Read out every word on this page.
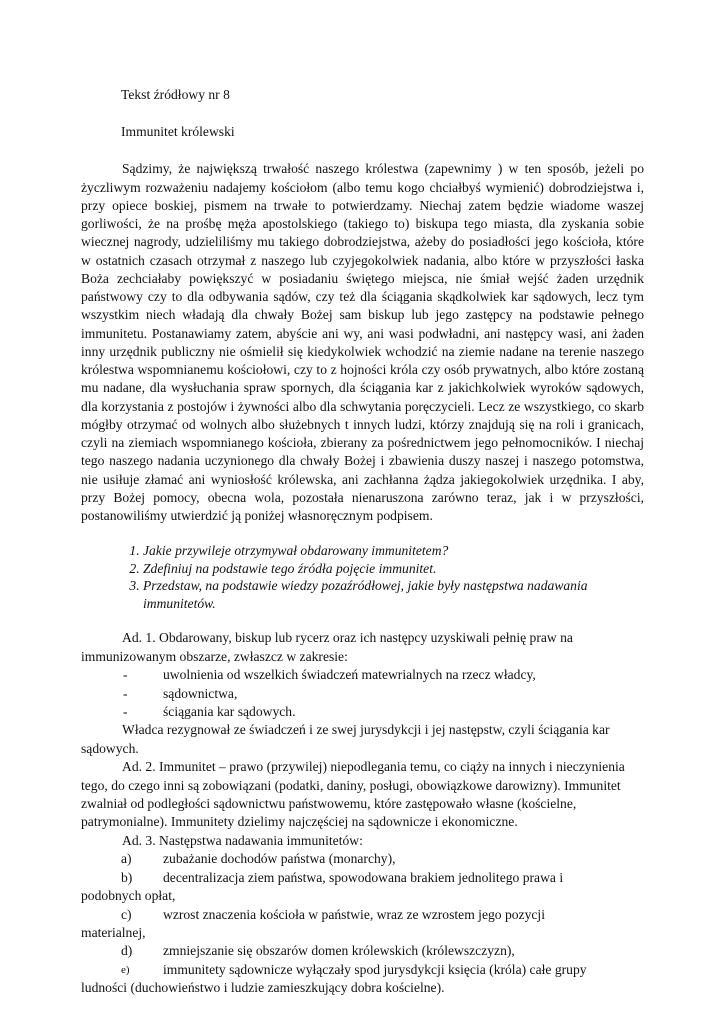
Tekst źródłowy nr 8
Immunitet królewski

Sądzimy, że największą trwałość naszego królestwa (zapewnimy ) w ten sposób, jeżeli po życzliwym rozważeniu nadajemy kościołom (albo temu kogo chciałbyś wymienić) dobrodziejstwa i, przy opiece boskiej, pismem na trwałe to potwierdzamy. Niechaj zatem będzie wiadome waszej gorliwości, że na prośbę męża apostolskiego (takiego to) biskupa tego miasta, dla zyskania sobie wiecznej nagrody, udzieliliśmy mu takiego dobrodziejstwa, ażeby do posiadłości jego kościoła, które w ostatnich czasach otrzymał z naszego lub czyjegokolwiek nadania, albo które w przyszłości łaska Boża zechciałaby powiększyć w posiadaniu świętego miejsca, nie śmiał wejść żaden urzędnik państwowy czy to dla odbywania sądów, czy też dla ściągania skądkolwiek kar sądowych, lecz tym wszystkim niech władają dla chwały Bożej sam biskup lub jego zastępcy na podstawie pełnego immunitetu. Postanawiamy zatem, abyście ani wy, ani wasi podwładni, ani następcy wasi, ani żaden inny urzędnik publiczny nie ośmielił się kiedykolwiek wchodzić na ziemie nadane na terenie naszego królestwa wspomnianemu kościołowi, czy to z hojności króla czy osób prywatnych, albo które zostaną mu nadane, dla wysłuchania spraw spornych, dla ściągania kar z jakichkolwiek wyroków sądowych, dla korzystania z postojów i żywności albo dla schwytania poręczycieli. Lecz ze wszystkiego, co skarb mógłby otrzymać od wolnych albo służebnych t innych ludzi, którzy znajdują się na roli i granicach, czyli na ziemiach wspomnianego kościoła, zbierany za pośrednictwem jego pełnomocników. I niechaj tego naszego nadania uczynionego dla chwały Bożej i zbawienia duszy naszej i naszego potomstwa, nie usiłuje złamać ani wyniosłość królewska, ani zachłanna żądza jakiegokolwiek urzędnika. I aby, przy Bożej pomocy, obecna wola, pozostała nienaruszona zarówno teraz, jak i w przyszłości, postanowiliśmy utwierdzić ją poniżej własnoręcznym podpisem.

1. Jakie przywileje otrzymywał obdarowany immunitetem?
2. Zdefiniuj na podstawie tego źródła pojęcie immunitet.
3. Przedstaw, na podstawie wiedzy pozaźródłowej, jakie były następstwa nadawania immunitetów.

Ad. 1. Obdarowany, biskup lub rycerz oraz ich następcy uzyskiwali pełnię praw na immunizowanym obszarze, zwłaszcz w zakresie:

-	uwolnienia od wszelkich świadczeń matewrialnych na rzecz władcy,
-	sądownictwa,
-	ściągania kar sądowych.

Władca rezygnował ze świadczeń i ze swej jurysdykcji i jej następstw, czyli ściągania kar sądowych.

Ad. 2. Immunitet – prawo (przywilej) niepodlegania temu, co ciąży na innych i nieczynienia tego, do czego inni są zobowiązani (podatki, daniny, posługi, obowiązkowe darowizny). Immunitet zwalniał od podległości sądownictwu państwowemu, które zastępowało własne (kościelne, patrymonialne). Immunitety dzielimy najczęściej na sądownicze i ekonomiczne.

Ad. 3. Następstwa nadawania immunitetów:

a)	zubażanie dochodów państwa (monarchy),
b)	decentralizacja ziem państwa, spowodowana brakiem jednolitego prawa i

podobnych opłat,

c)	wzrost znaczenia kościoła w państwie, wraz ze wzrostem jego pozycji

materialnej,

d)	zmniejszanie się obszarów domen królewskich (królewszczyzn),
e)	immunitety sądownicze wyłączały spod jurysdykcji księcia (króla) całe grupy

ludności (duchowieństwo i ludzie zamieszkujący dobra kościelne).
